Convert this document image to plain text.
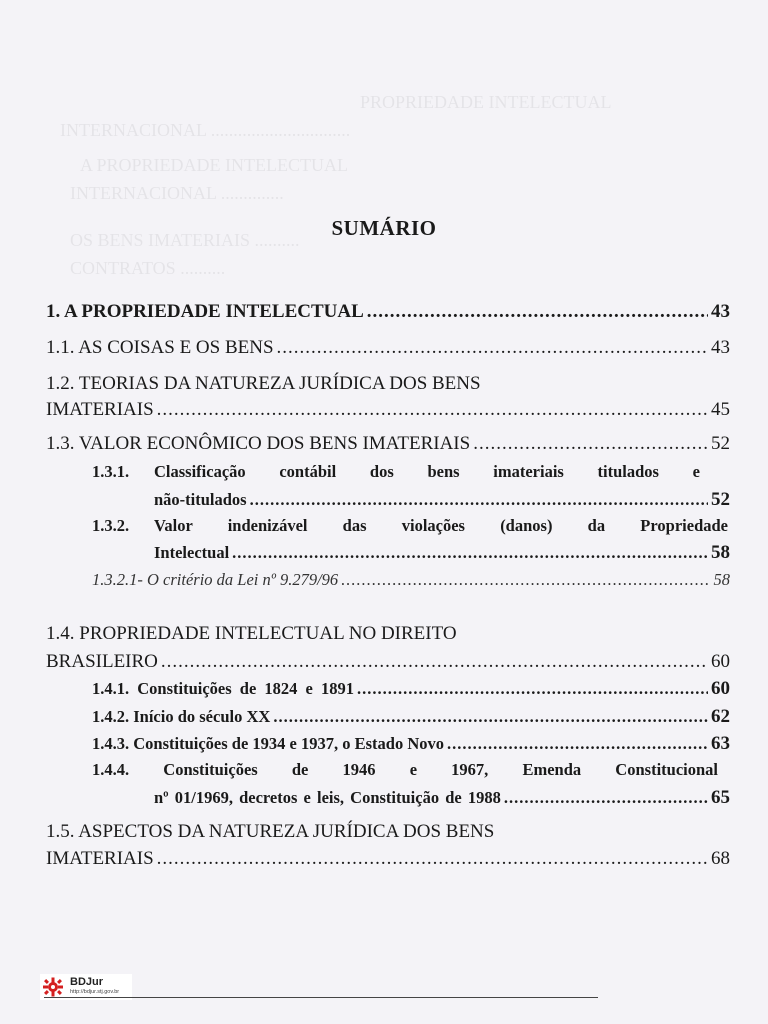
PROPRIEDADE INTELECTUAL
INTERNACIONAL ...............................
A PROPRIEDADE INTELECTUAL
INTERNACIONAL ..............
OS BENS IMATERIAIS ..........
CONTRATOS ..........
SUMÁRIO
1. A PROPRIEDADE INTELECTUAL .....	43
1.1. AS COISAS E OS BENS .....	43
1.2. TEORIAS DA NATUREZA JURÍDICA DOS BENS
IMATERIAIS .....	45
1.3. VALOR ECONÔMICO DOS BENS IMATERIAIS .....	52
1.3.1. Classificação contábil dos bens imateriais titulados e
não-titulados .....	52
1.3.2. Valor indenizável das violações (danos) da Propriedade
Intelectual .....	58
1.3.2.1- O critério da Lei nº 9.279/96 .....	58
1.4. PROPRIEDADE INTELECTUAL NO DIREITO
BRASILEIRO .....	60
1.4.1. Constituições de 1824 e 1891 .....	60
1.4.2. Início do século XX .....	62
1.4.3. Constituições de 1934 e 1937, o Estado Novo .....	63
1.4.4. Constituições de 1946 e 1967, Emenda Constitucional
nº 01/1969, decretos e leis, Constituição de 1988 .....	65
1.5. ASPECTOS DA NATUREZA JURÍDICA DOS BENS
IMATERIAIS .....	68
BDJur
http://bdjur.stj.gov.br
